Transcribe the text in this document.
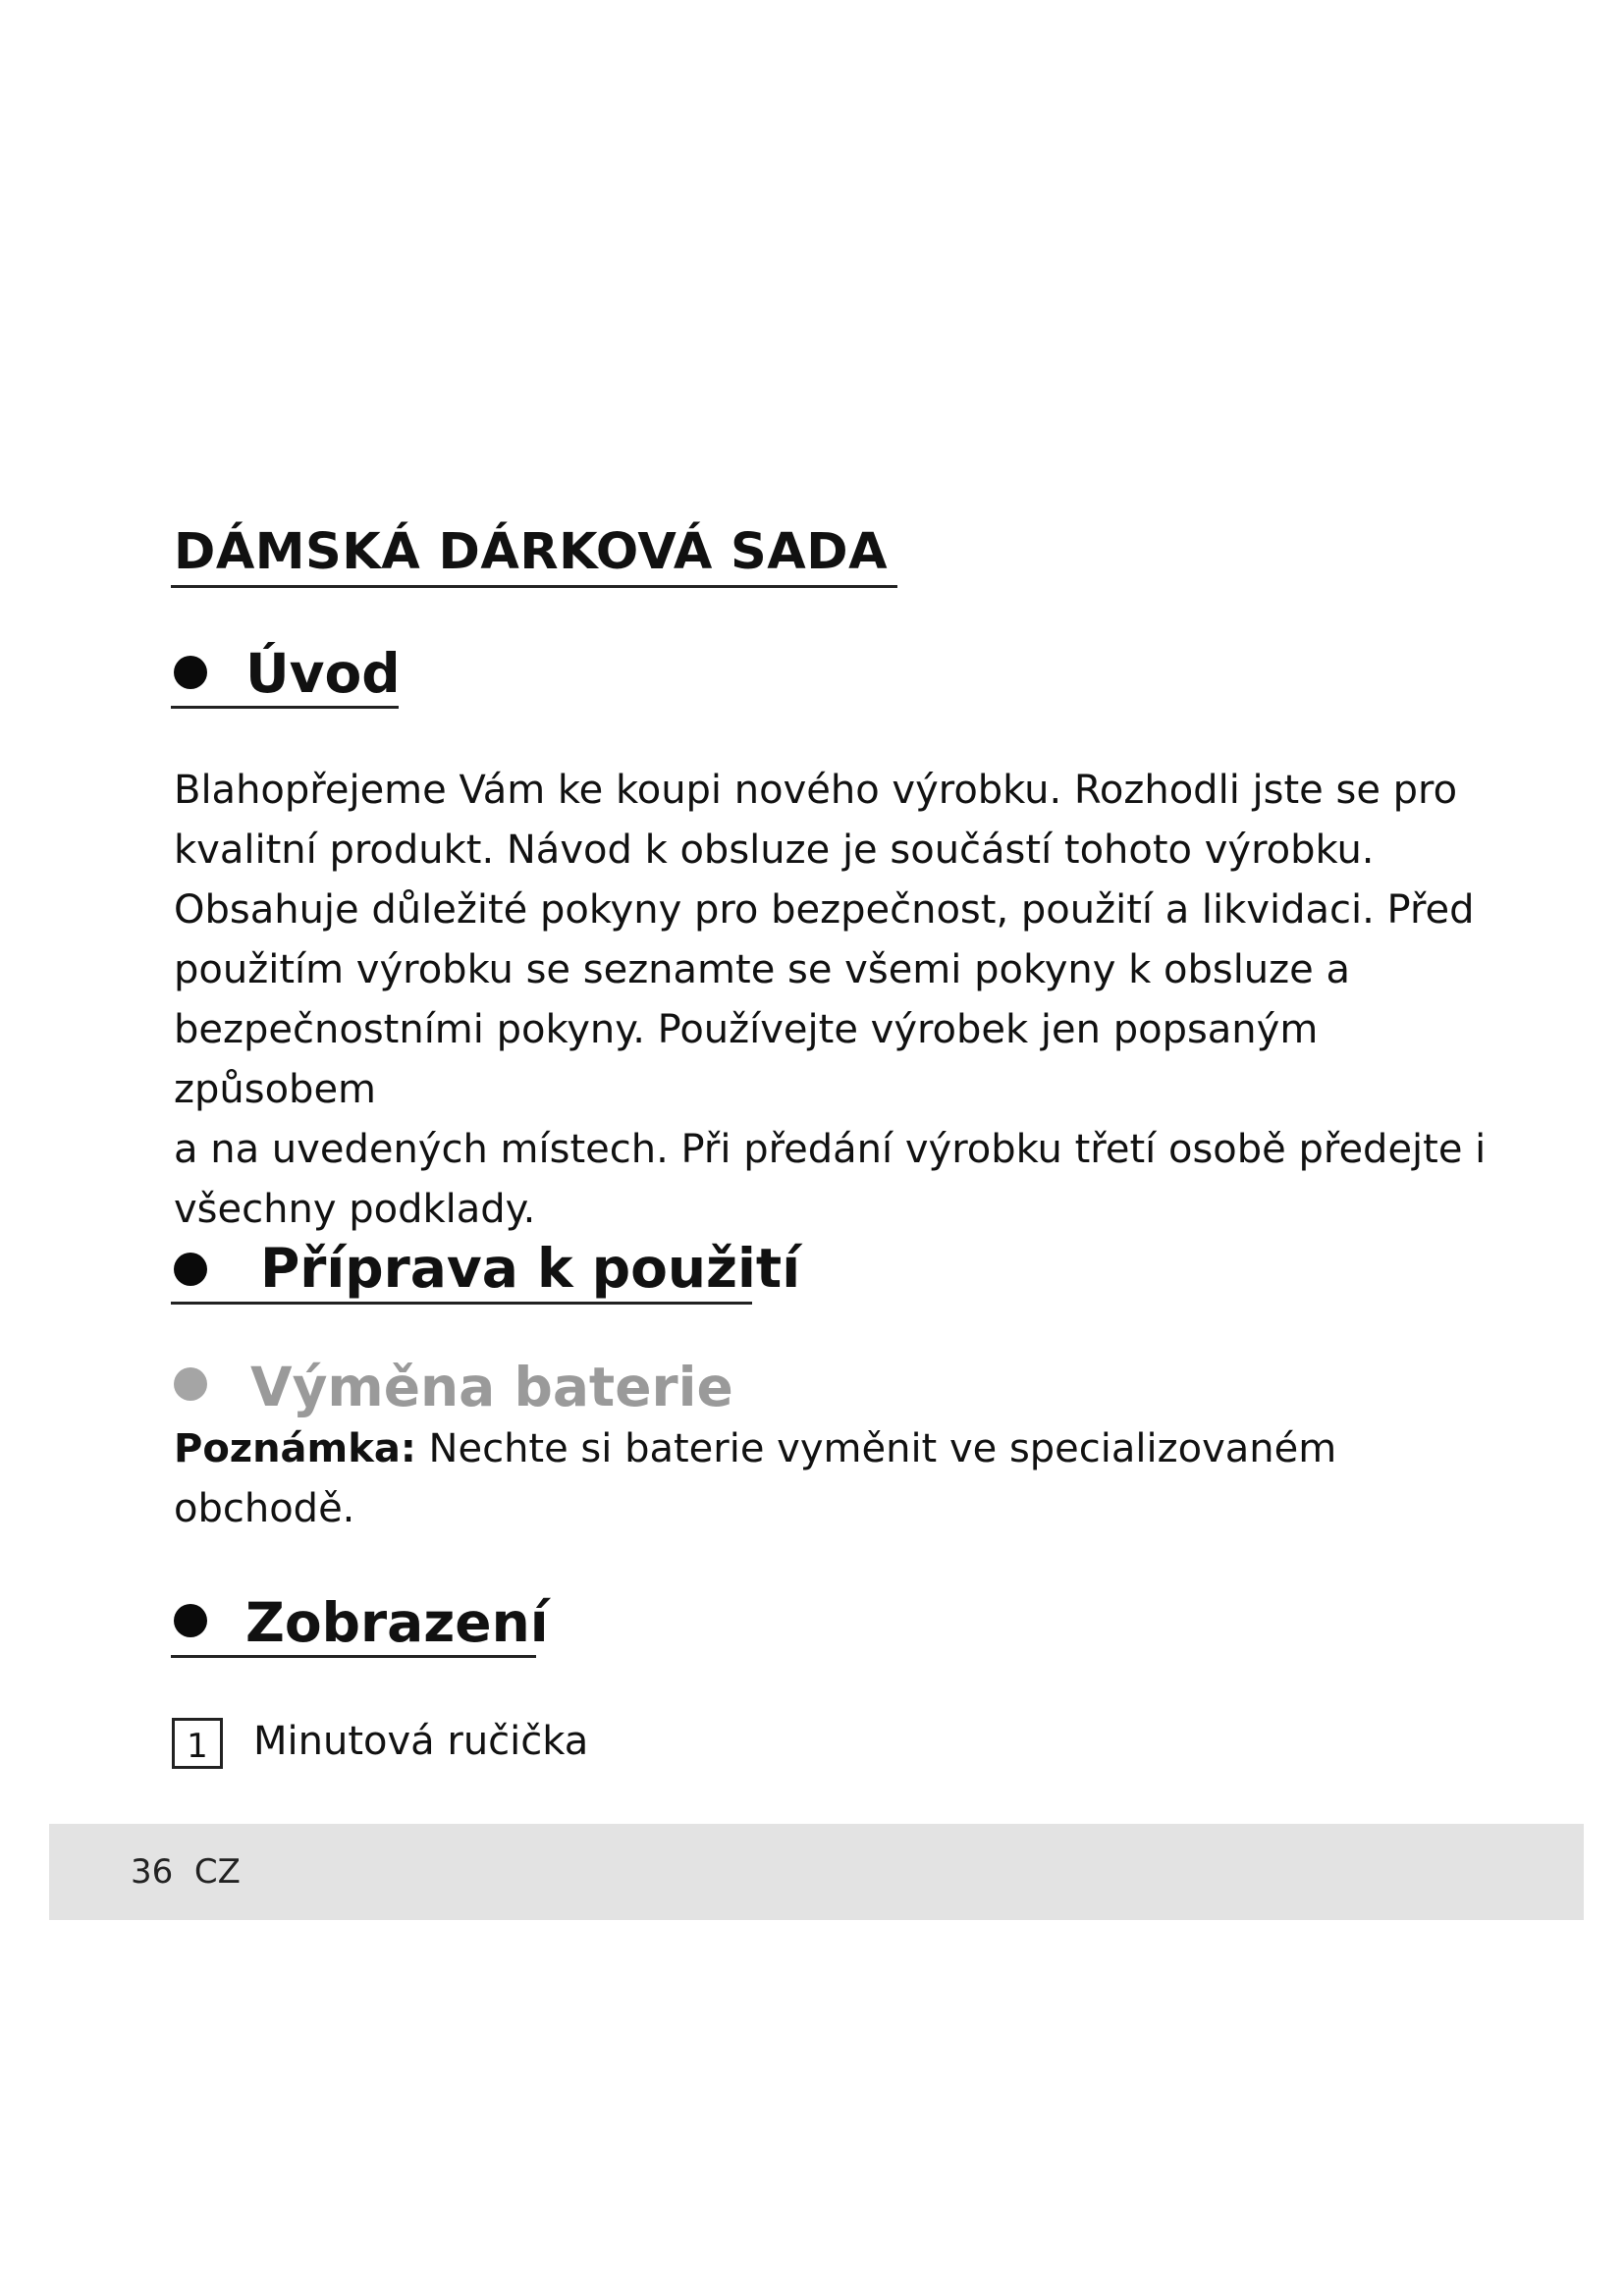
DÁMSKÁ DÁRKOVÁ SADA
Úvod

Blahopřejeme Vám ke koupi nového výrobku. Rozhodli jste se pro
kvalitní produkt. Návod k obsluze je součástí tohoto výrobku.
Obsahuje důležité pokyny pro bezpečnost, použití a likvidaci. Před
použitím výrobku se seznamte se všemi pokyny k obsluze a
bezpečnostními pokyny. Používejte výrobek jen popsaným způsobem
a na uvedených místech. Při předání výrobku třetí osobě předejte i
všechny podklady.

Příprava k použití
Výměna baterie

Poznámka: Nechte si baterie vyměnit ve specializovaném
obchodě.

Zobrazení
1	Minutová ručička
36 CZ
